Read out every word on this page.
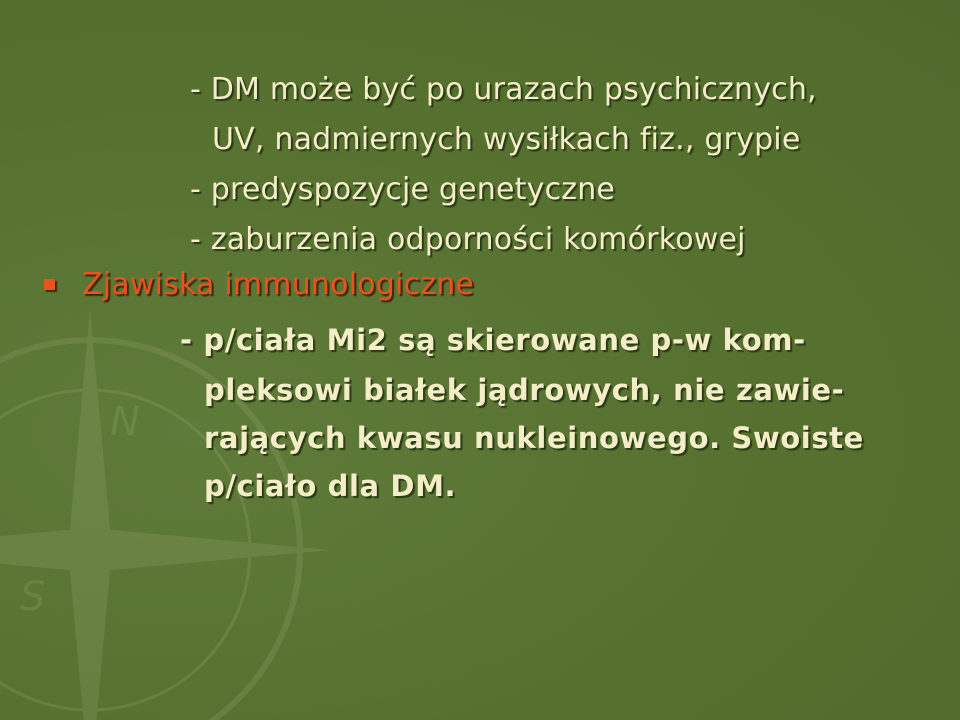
N
S
- DM może być po urazach psychicznych,
UV, nadmiernych wysiłkach fiz., grypie
- predyspozycje genetyczne
- zaburzenia odporności komórkowej
Zjawiska immunologiczne
- p/ciała Mi2 są skierowane p-w kom-
pleksowi białek jądrowych, nie zawie-
rających kwasu nukleinowego. Swoiste
p/ciało dla DM.
